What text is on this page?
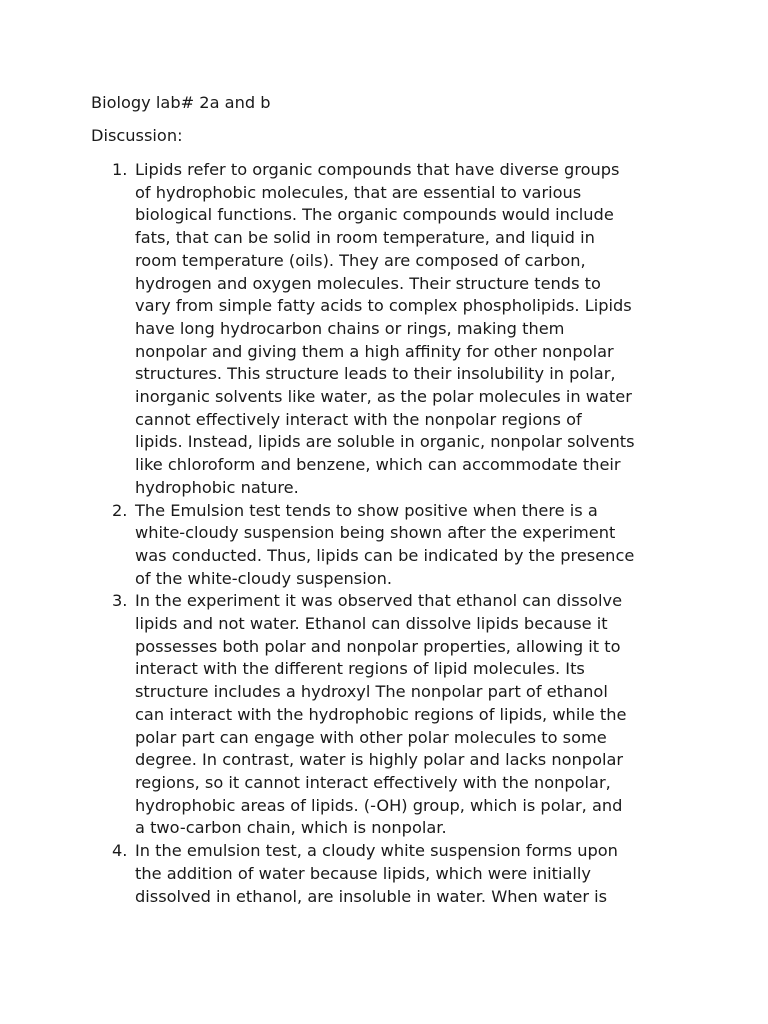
Biology lab# 2a and b
Discussion:
1. Lipids refer to organic compounds that have diverse groups
of hydrophobic molecules, that are essential to various
biological functions. The organic compounds would include
fats, that can be solid in room temperature, and liquid in
room temperature (oils). They are composed of carbon,
hydrogen and oxygen molecules. Their structure tends to
vary from simple fatty acids to complex phospholipids. Lipids
have long hydrocarbon chains or rings, making them
nonpolar and giving them a high affinity for other nonpolar
structures. This structure leads to their insolubility in polar,
inorganic solvents like water, as the polar molecules in water
cannot effectively interact with the nonpolar regions of
lipids. Instead, lipids are soluble in organic, nonpolar solvents
like chloroform and benzene, which can accommodate their
hydrophobic nature.
2. The Emulsion test tends to show positive when there is a
white-cloudy suspension being shown after the experiment
was conducted. Thus, lipids can be indicated by the presence
of the white-cloudy suspension.
3. In the experiment it was observed that ethanol can dissolve
lipids and not water. Ethanol can dissolve lipids because it
possesses both polar and nonpolar properties, allowing it to
interact with the different regions of lipid molecules. Its
structure includes a hydroxyl The nonpolar part of ethanol
can interact with the hydrophobic regions of lipids, while the
polar part can engage with other polar molecules to some
degree. In contrast, water is highly polar and lacks nonpolar
regions, so it cannot interact effectively with the nonpolar,
hydrophobic areas of lipids. (-OH) group, which is polar, and
a two-carbon chain, which is nonpolar.
4. In the emulsion test, a cloudy white suspension forms upon
the addition of water because lipids, which were initially
dissolved in ethanol, are insoluble in water. When water is
